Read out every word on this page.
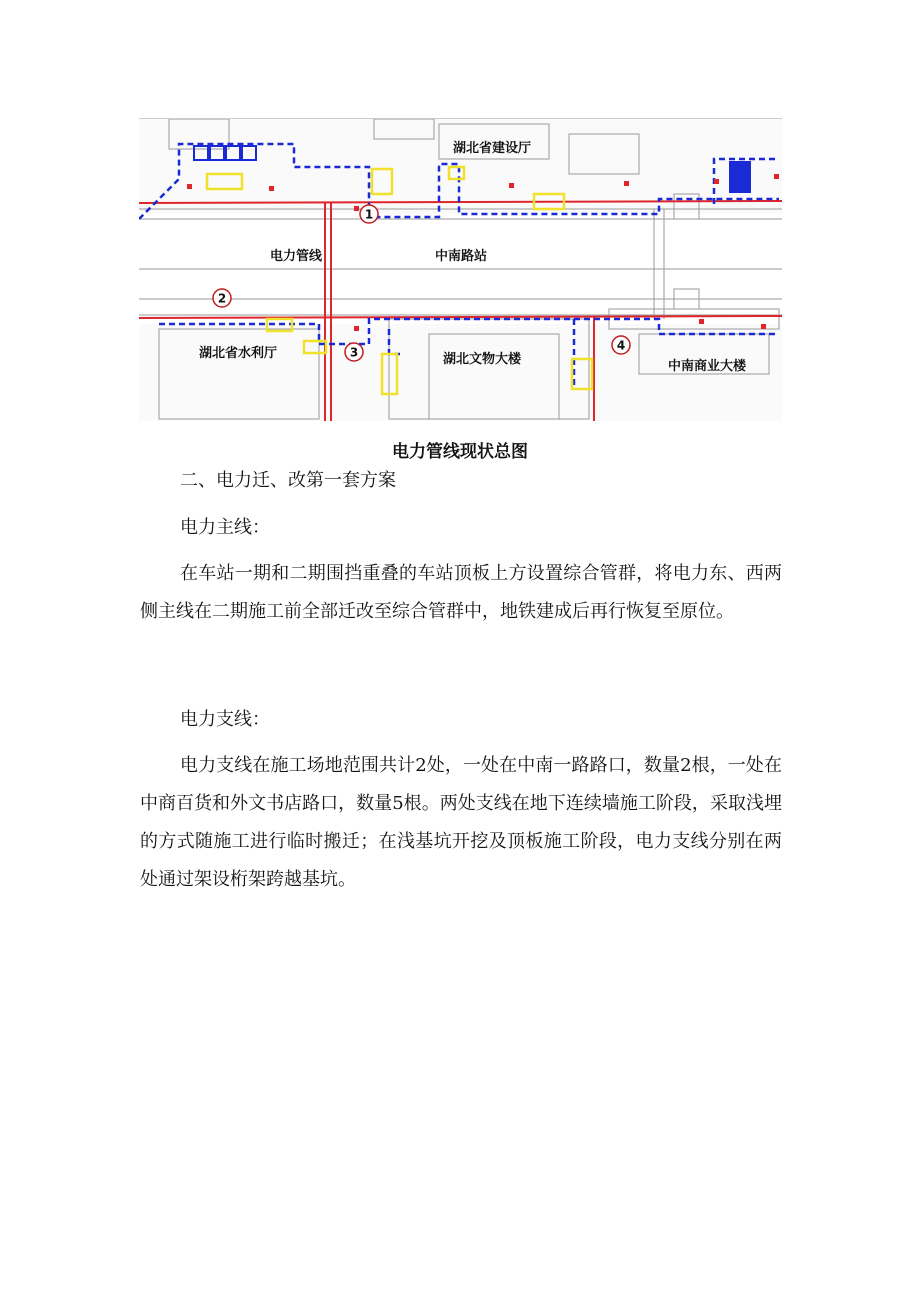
1
2
3	4
湖北省建设厅
电力管线	中南路站
湖北省水利厅	湖北文物大楼	中南商业大楼
电力管线现状总图

二、电力迁、改第一套方案

电力主线：

在车站一期和二期围挡重叠的车站顶板上方设置综合管群，将电力东、西两侧主线在二期施工前全部迁改至综合管群中，地铁建成后再行恢复至原位。

电力支线：

电力支线在施工场地范围共计2处，一处在中南一路路口，数量2根，一处在中商百货和外文书店路口，数量5根。两处支线在地下连续墙施工阶段，采取浅埋的方式随施工进行临时搬迁；在浅基坑开挖及顶板施工阶段，电力支线分别在两处通过架设桁架跨越基坑。
